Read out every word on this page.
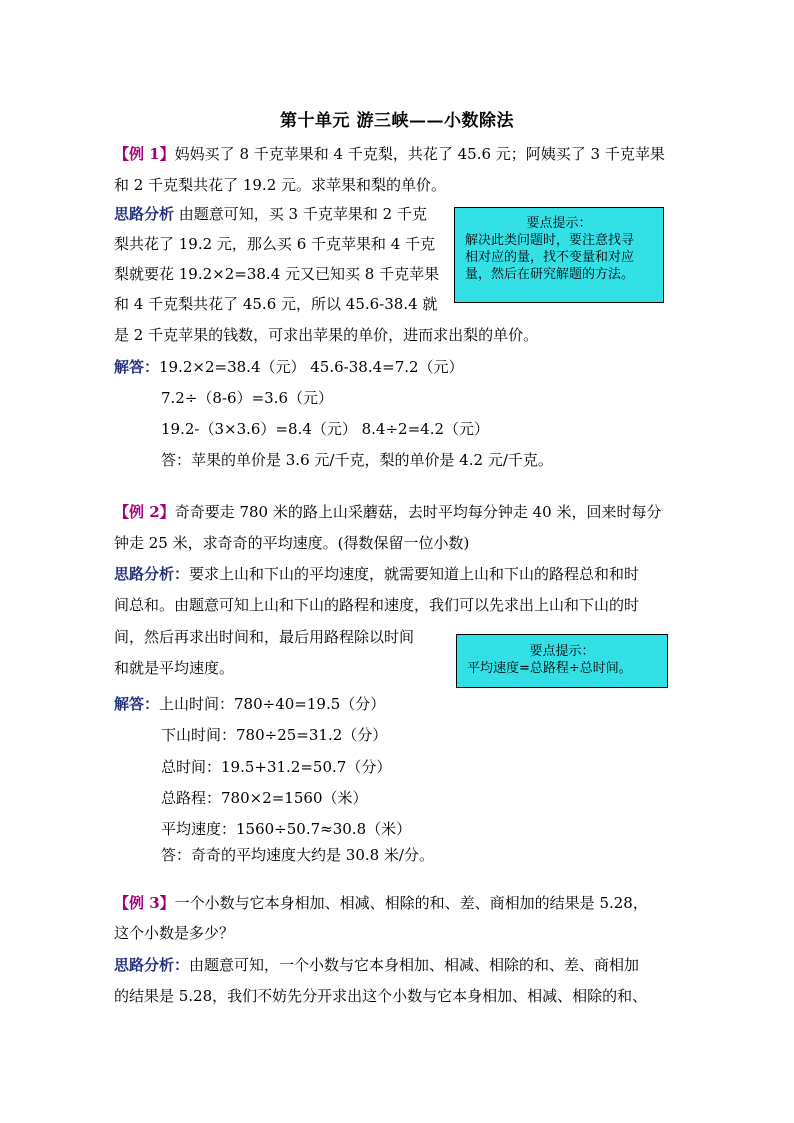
第十单元 游三峡——小数除法
【例 1】妈妈买了 8 千克苹果和 4 千克梨，共花了 45.6 元；阿姨买了 3 千克苹果
和 2 千克梨共花了 19.2 元。求苹果和梨的单价。
思路分析 由题意可知，买 3 千克苹果和 2 千克
梨共花了 19.2 元，那么买 6 千克苹果和 4 千克
梨就要花 19.2×2=38.4 元又已知买 8 千克苹果
和 4 千克梨共花了 45.6 元，所以 45.6-38.4 就
是 2 千克苹果的钱数，可求出苹果的单价，进而求出梨的单价。
要点提示：
解决此类问题时，要注意找寻
相对应的量，找不变量和对应
量，然后在研究解题的方法。
解答：19.2×2=38.4（元） 45.6-38.4=7.2（元）
7.2÷（8-6）=3.6（元）
19.2-（3×3.6）=8.4（元） 8.4÷2=4.2（元）
答：苹果的单价是 3.6 元/千克，梨的单价是 4.2 元/千克。
【例 2】奇奇要走 780 米的路上山采蘑菇，去时平均每分钟走 40 米，回来时每分
钟走 25 米，求奇奇的平均速度。(得数保留一位小数)
思路分析：要求上山和下山的平均速度，就需要知道上山和下山的路程总和和时
间总和。由题意可知上山和下山的路程和速度，我们可以先求出上山和下山的时
间，然后再求出时间和，最后用路程除以时间
和就是平均速度。
要点提示：
平均速度=总路程÷总时间。
解答：上山时间：780÷40=19.5（分）
下山时间：780÷25=31.2（分）
总时间：19.5+31.2=50.7（分）
总路程：780×2=1560（米）
平均速度：1560÷50.7≈30.8（米）
答：奇奇的平均速度大约是 30.8 米/分。
【例 3】一个小数与它本身相加、相减、相除的和、差、商相加的结果是 5.28，
这个小数是多少？
思路分析：由题意可知，一个小数与它本身相加、相减、相除的和、差、商相加
的结果是 5.28，我们不妨先分开求出这个小数与它本身相加、相减、相除的和、
